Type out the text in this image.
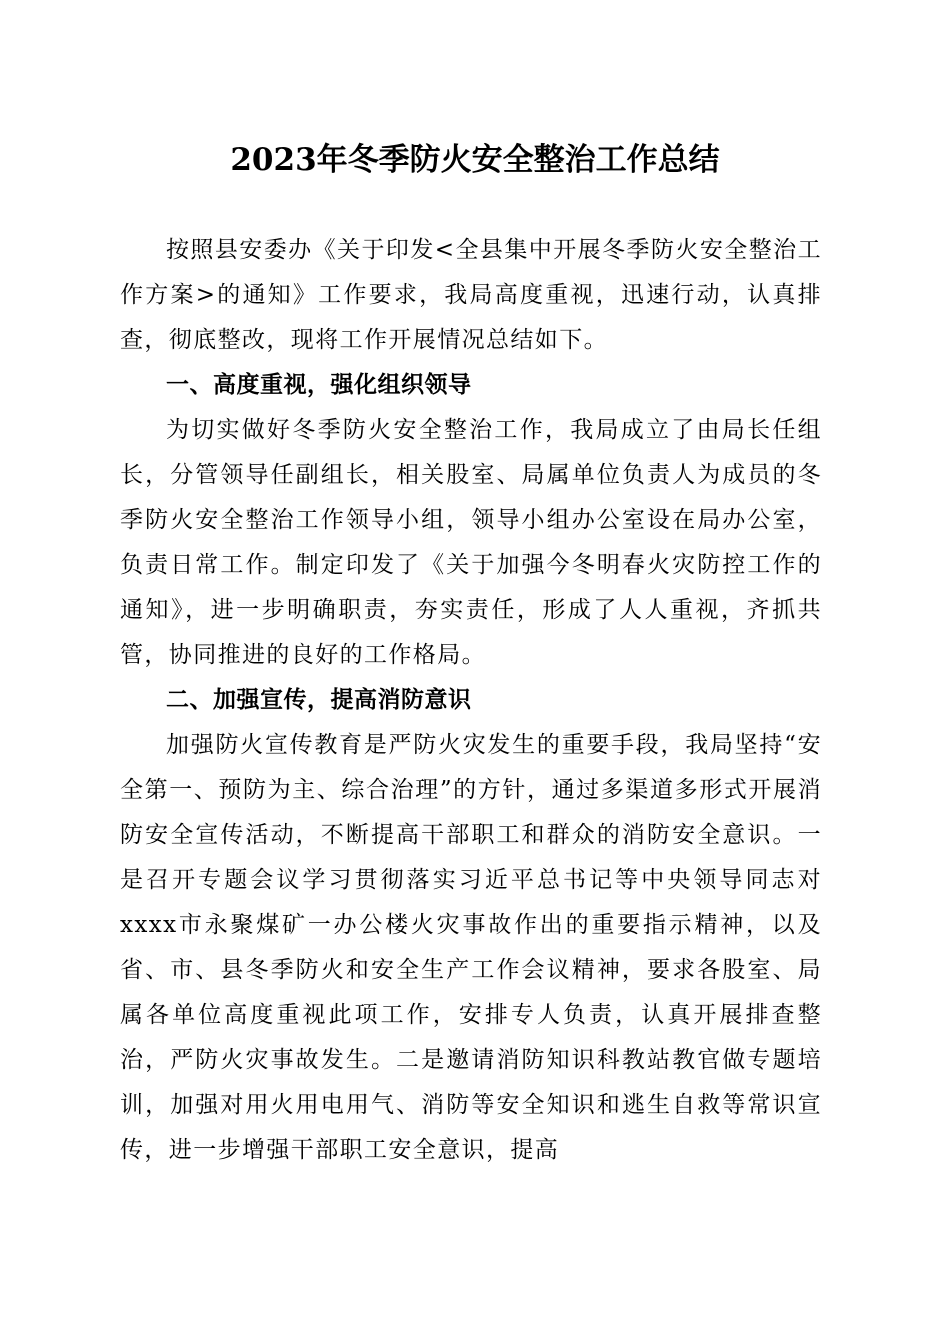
2023年冬季防火安全整治工作总结

按照县安委办《关于印发<全县集中开展冬季防火安全整治工作方案>的通知》工作要求，我局高度重视，迅速行动，认真排查，彻底整改，现将工作开展情况总结如下。

一、高度重视，强化组织领导

为切实做好冬季防火安全整治工作，我局成立了由局长任组长，分管领导任副组长，相关股室、局属单位负责人为成员的冬季防火安全整治工作领导小组，领导小组办公室设在局办公室，负责日常工作。制定印发了《关于加强今冬明春火灾防控工作的通知》，进一步明确职责，夯实责任，形成了人人重视，齐抓共管，协同推进的良好的工作格局。

二、加强宣传，提高消防意识

加强防火宣传教育是严防火灾发生的重要手段，我局坚持“安全第一、预防为主、综合治理”的方针，通过多渠道多形式开展消防安全宣传活动，不断提高干部职工和群众的消防安全意识。一是召开专题会议学习贯彻落实习近平总书记等中央领导同志对xxxx市永聚煤矿一办公楼火灾事故作出的重要指示精神，以及省、市、县冬季防火和安全生产工作会议精神，要求各股室、局属各单位高度重视此项工作，安排专人负责，认真开展排查整治，严防火灾事故发生。二是邀请消防知识科教站教官做专题培训，加强对用火用电用气、消防等安全知识和逃生自救等常识宣传，进一步增强干部职工安全意识，提高
